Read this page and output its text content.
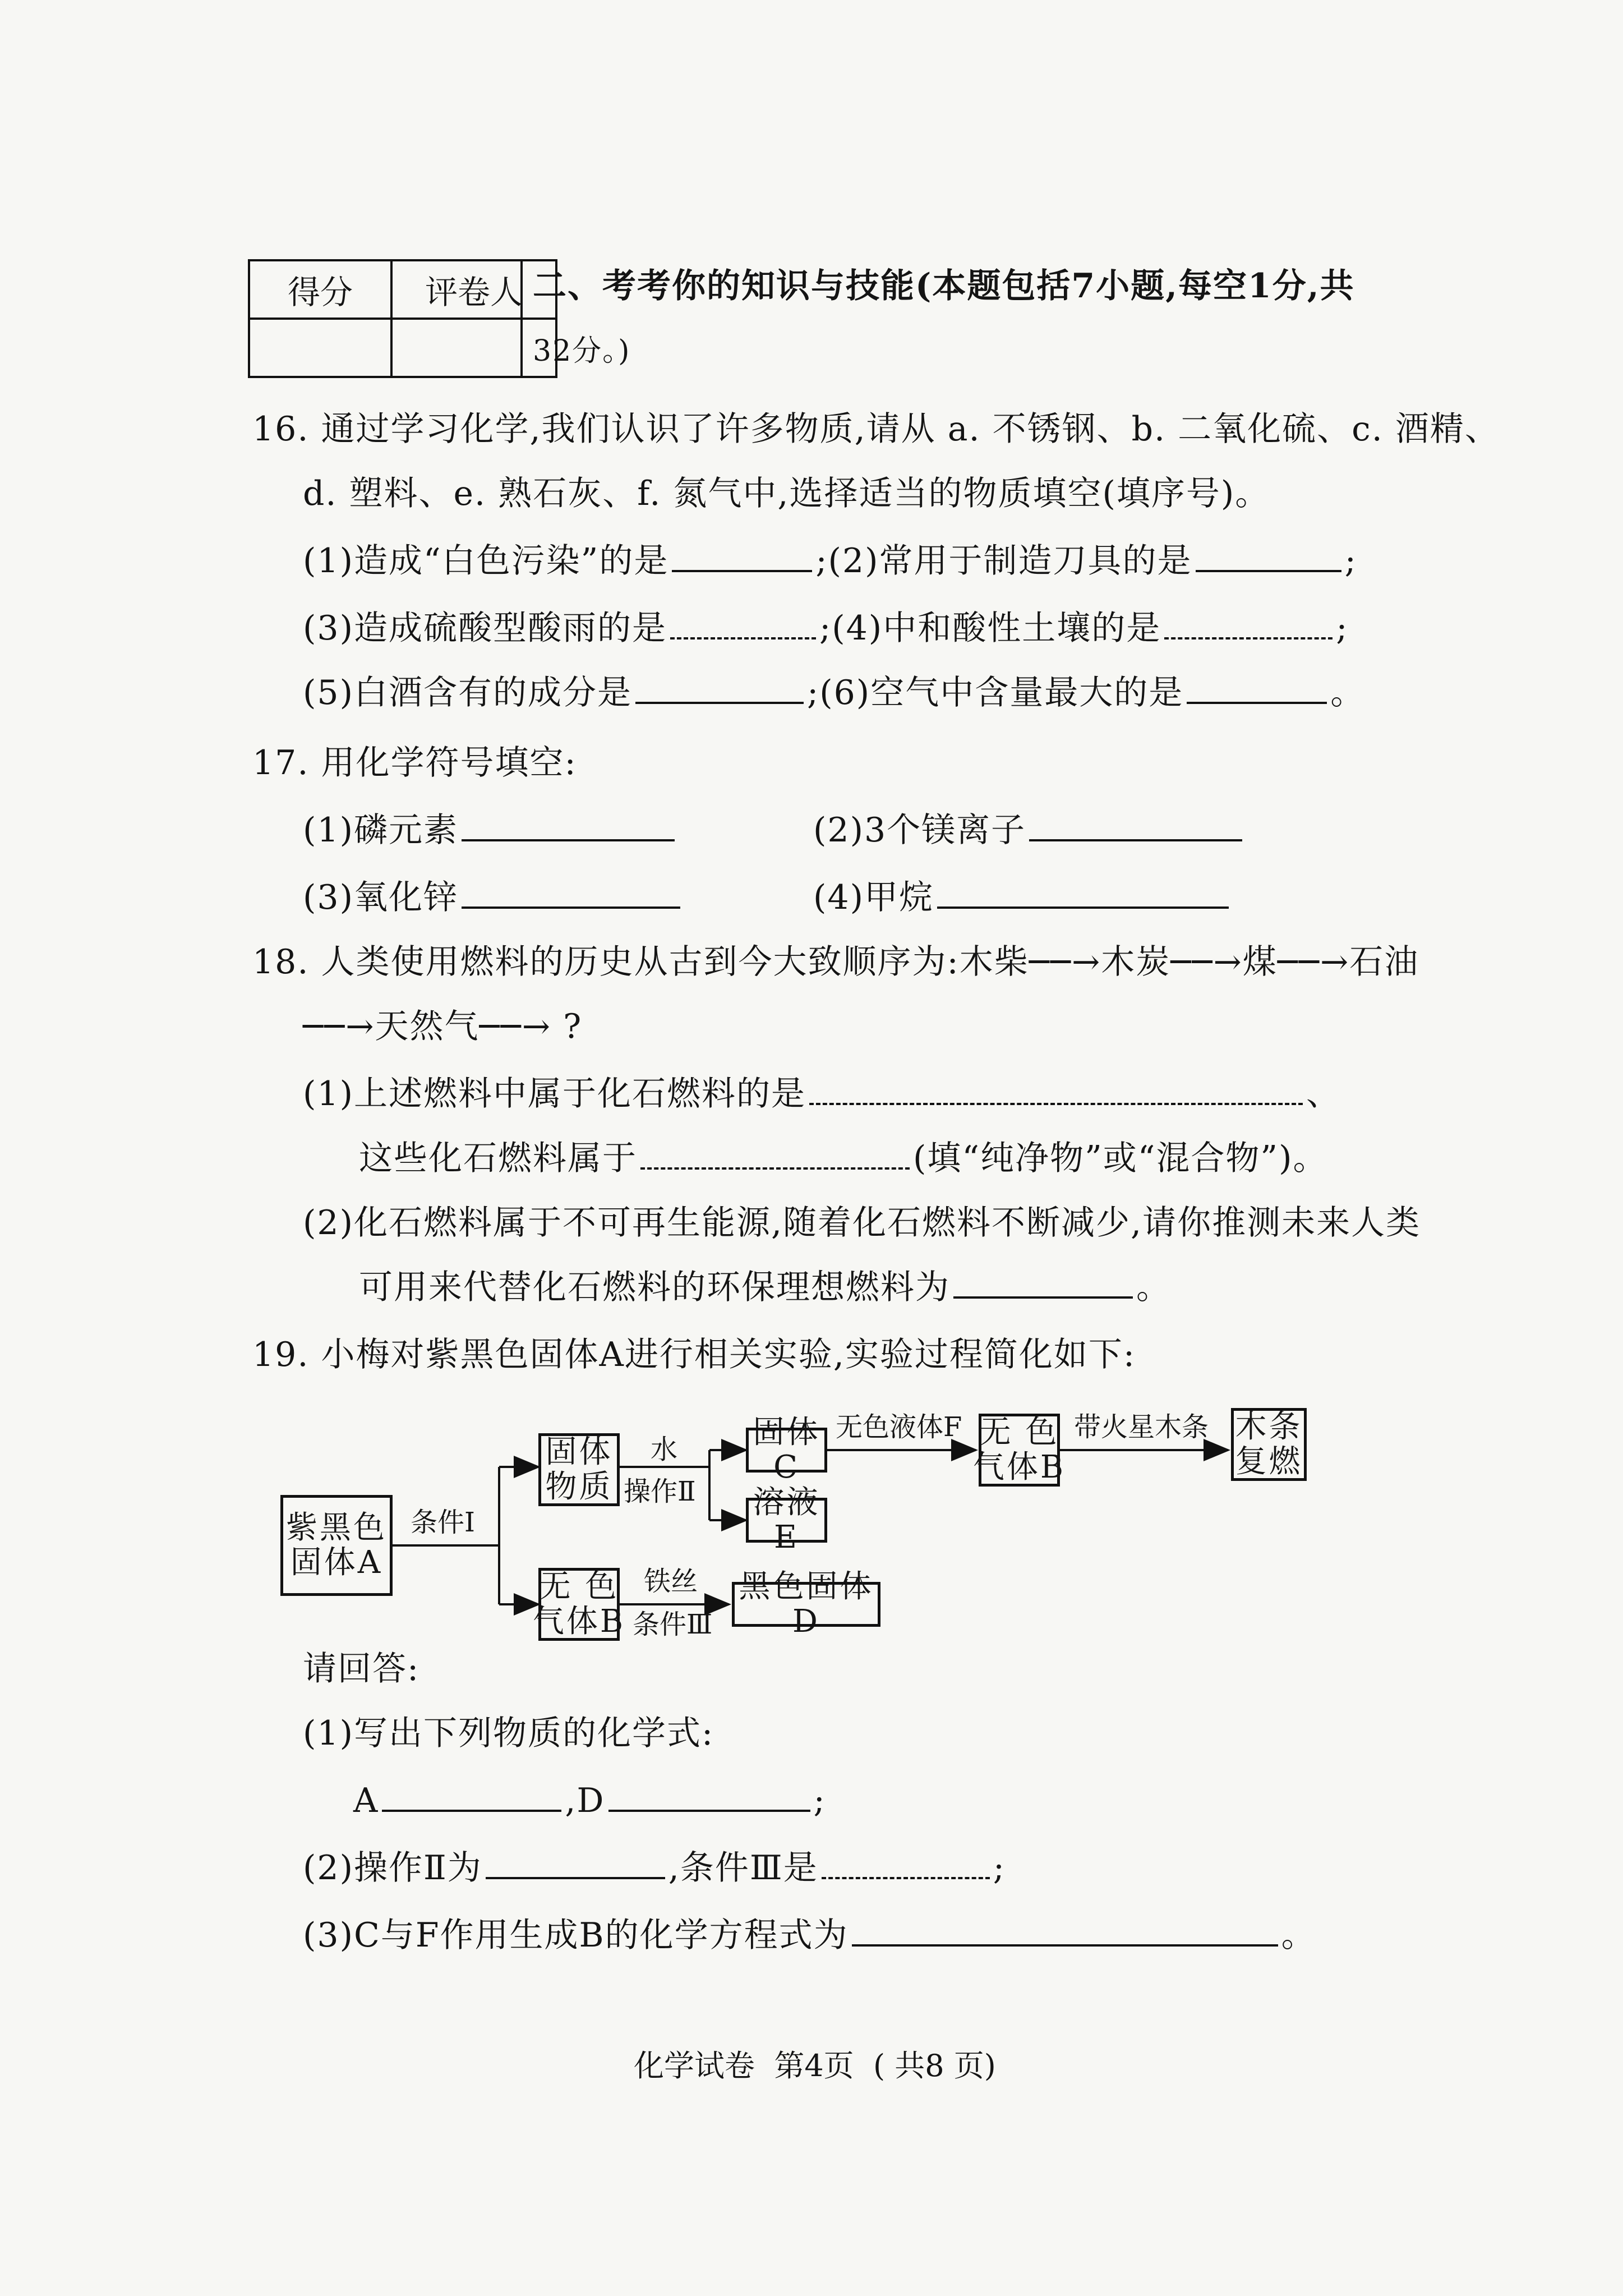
得分	评卷人
	二、考考你的知识与技能(本题包括7小题,每空1分,共
32分。)
16. 通过学习化学,我们认识了许多物质,请从 a. 不锈钢、b. 二氧化硫、c. 酒精、
d. 塑料、e. 熟石灰、f. 氮气中,选择适当的物质填空(填序号)。
(1)造成“白色污染”的是	;(2)常用于制造刀具的是	;
(3)造成硫酸型酸雨的是	;(4)中和酸性土壤的是	;
(5)白酒含有的成分是	;(6)空气中含量最大的是	。
17. 用化学符号填空:
(1)磷元素	(2)3个镁离子
(3)氧化锌	(4)甲烷
18. 人类使用燃料的历史从古到今大致顺序为:木柴──→木炭──→煤──→石油
──→天然气──→ ?
(1)上述燃料中属于化石燃料的是	、
这些化石燃料属于	(填“纯净物”或“混合物”)。
(2)化石燃料属于不可再生能源,随着化石燃料不断减少,请你推测未来人类
可用来代替化石燃料的环保理想燃料为	。
19. 小梅对紫黑色固体A进行相关实验,实验过程简化如下:
紫黑色
固体A
条件Ⅰ
固体
物质
水
操作Ⅱ
固体C
溶液E
无色液体F 无 色
气体B
带火星木条 木条
复燃
无 色
气体B
铁丝
条件Ⅲ
黑色固体D
请回答:
(1)写出下列物质的化学式:
A	,D	;
(2)操作Ⅱ为	,条件Ⅲ是	;
(3)C与F作用生成B的化学方程式为	。
化学试卷  第4页  ( 共8 页)
